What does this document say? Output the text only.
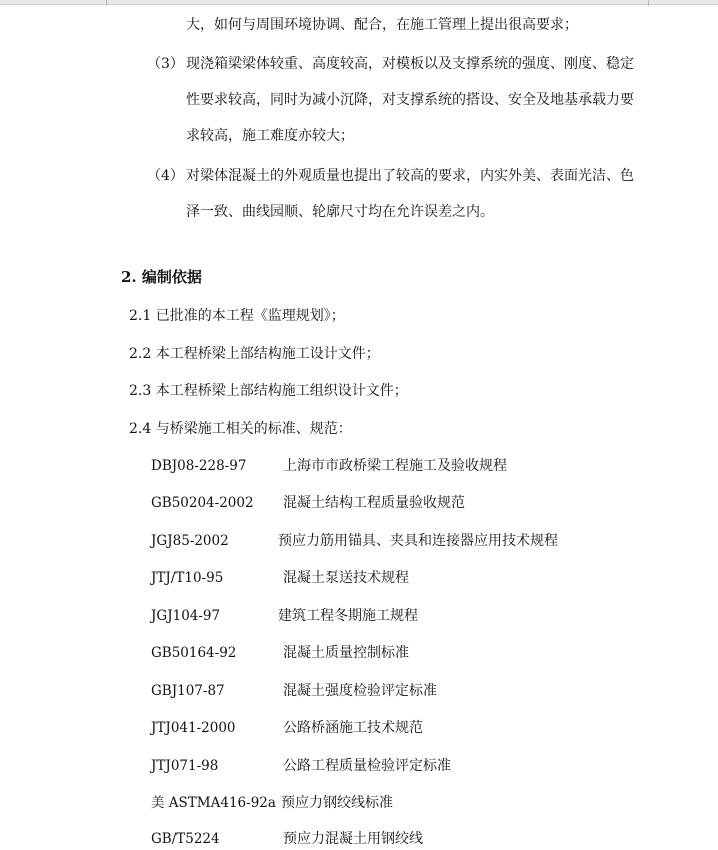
大，如何与周围环境协调、配合，在施工管理上提出很高要求；
（3） 现浇箱梁梁体较重、高度较高，对模板以及支撑系统的强度、刚度、稳定
性要求较高，同时为减小沉降，对支撑系统的搭设、安全及地基承载力要
求较高，施工难度亦较大；
（4） 对梁体混凝土的外观质量也提出了较高的要求，内实外美、表面光洁、色
泽一致、曲线园顺、轮廓尺寸均在允许误差之内。
2. 编制依据
2.1 已批准的本工程《监理规划》；
2.2 本工程桥梁上部结构施工设计文件；
2.3 本工程桥梁上部结构施工组织设计文件；
2.4 与桥梁施工相关的标准、规范：
DBJ08-228-97	上海市市政桥梁工程施工及验收规程
GB50204-2002 混凝土结构工程质量验收规范
JGJ85-2002	预应力筋用锚具、夹具和连接器应用技术规程
JTJ/T10-95	混凝土泵送技术规程
JGJ104-97	建筑工程冬期施工规程
GB50164-92	混凝土质量控制标准
GBJ107-87	混凝土强度检验评定标准
JTJ041-2000	公路桥涵施工技术规范
JTJ071-98	公路工程质量检验评定标准
美 ASTMA416-92a 预应力钢绞线标准
GB/T5224	预应力混凝土用钢绞线
